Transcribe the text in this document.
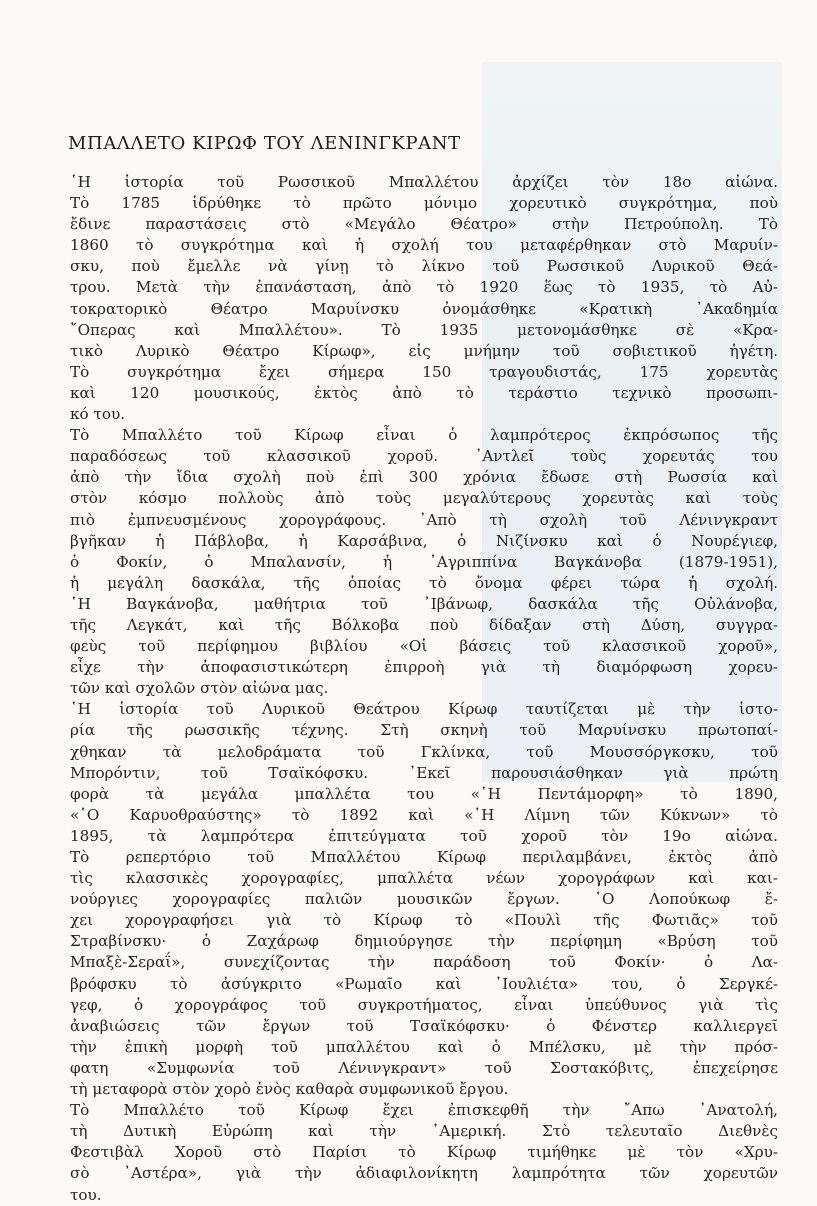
ΜΠΑΛΛΕΤΟ ΚΙΡΩΦ ΤΟΥ ΛΕΝΙΝΓΚΡΑΝΤ
῾Η ἱστορία τοῦ Ρωσσικοῦ Μπαλλέτου ἀρχίζει τὸν 18ο αἰώνα.
Τὸ 1785 ἱδρύθηκε τὸ πρῶτο μόνιμο χορευτικὸ συγκρότημα, ποὺ
ἔδινε παραστάσεις στὸ «Μεγάλο Θέατρο» στὴν Πετρούπολη. Τὸ
1860 τὸ συγκρότημα καὶ ἡ σχολή του μεταφέρθηκαν στὸ Μαρυίν-
σκυ, ποὺ ἔμελλε νὰ γίνῃ τὸ λίκνο τοῦ Ρωσσικοῦ Λυρικοῦ Θεά-
τρου. Μετὰ τὴν ἐπανάσταση, ἀπὸ τὸ 1920 ἕως τὸ 1935, τὸ Αὐ-
τοκρατορικὸ Θέατρο Μαρυίνσκυ ὀνομάσθηκε «Κρατικὴ ᾿Ακαδημία
῎Οπερας καὶ Μπαλλέτου». Τὸ 1935 μετονομάσθηκε σὲ «Κρα-
τικὸ Λυρικὸ Θέατρο Κίρωφ», εἰς μνήμην τοῦ σοβιετικοῦ ἡγέτη.
Τὸ συγκρότημα ἔχει σήμερα 150 τραγουδιστάς, 175 χορευτὰς
καὶ 120 μουσικούς, ἐκτὸς ἀπὸ τὸ τεράστιο τεχνικὸ προσωπι-
κό του.
Τὸ Μπαλλέτο τοῦ Κίρωφ εἶναι ὁ λαμπρότερος ἐκπρόσωπος τῆς
παραδόσεως τοῦ κλασσικοῦ χοροῦ. ᾿Αντλεῖ τοὺς χορευτάς του
ἀπὸ τὴν ἴδια σχολὴ ποὺ ἐπὶ 300 χρόνια ἔδωσε στὴ Ρωσσία καὶ
στὸν κόσμο πολλοὺς ἀπὸ τοὺς μεγαλύτερους χορευτὰς καὶ τοὺς
πιὸ ἐμπνευσμένους χορογράφους. ᾿Απὸ τὴ σχολὴ τοῦ Λένινγκραντ
βγῆκαν ἡ Πάβλοβα, ἡ Καρσάβινα, ὁ Νιζίνσκυ καὶ ὁ Νουρέγιεφ,
ὁ Φοκίν, ὁ Μπαλανσίν, ἡ ᾿Αγριππίνα Βαγκάνοβα (1879-1951),
ἡ μεγάλη δασκάλα, τῆς ὁποίας τὸ ὄνομα φέρει τώρα ἡ σχολή.
῾Η Βαγκάνοβα, μαθήτρια τοῦ ᾿Ιβάνωφ, δασκάλα τῆς Οὐλάνοβα,
τῆς Λεγκάτ, καὶ τῆς Βόλκοβα ποὺ δίδαξαν στὴ Δύση, συγγρα-
φεὺς τοῦ περίφημου βιβλίου «Οἱ βάσεις τοῦ κλασσικοῦ χοροῦ»,
εἶχε τὴν ἀποφασιστικώτερη ἐπιρροὴ γιὰ τὴ διαμόρφωση χορευ-
τῶν καὶ σχολῶν στὸν αἰώνα μας.
῾Η ἱστορία τοῦ Λυρικοῦ Θεάτρου Κίρωφ ταυτίζεται μὲ τὴν ἱστο-
ρία τῆς ρωσσικῆς τέχνης. Στὴ σκηνὴ τοῦ Μαρυίνσκυ πρωτοπαί-
χθηκαν τὰ μελοδράματα τοῦ Γκλίνκα, τοῦ Μουσσόργκσκυ, τοῦ
Μπορόντιν, τοῦ Τσαϊκόφσκυ. ᾿Εκεῖ παρουσιάσθηκαν γιὰ πρώτη
φορὰ τὰ μεγάλα μπαλλέτα του «῾Η Πεντάμορφη» τὸ 1890,
«῾Ο Καρυοθραύστης» τὸ 1892 καὶ «῾Η Λίμνη τῶν Κύκνων» τὸ
1895, τὰ λαμπρότερα ἐπιτεύγματα τοῦ χοροῦ τὸν 19ο αἰώνα.
Τὸ ρεπερτόριο τοῦ Μπαλλέτου Κίρωφ περιλαμβάνει, ἐκτὸς ἀπὸ
τὶς κλασσικὲς χορογραφίες, μπαλλέτα νέων χορογράφων καὶ και-
νούργιες χορογραφίες παλιῶν μουσικῶν ἔργων. ῾Ο Λοπούκωφ ἔ-
χει χορογραφήσει γιὰ τὸ Κίρωφ τὸ «Πουλὶ τῆς Φωτιᾶς» τοῦ
Στραβίνσκυ· ὁ Ζαχάρωφ δημιούργησε τὴν περίφημη «Βρύση τοῦ
Μπαξὲ-Σεραΐ», συνεχίζοντας τὴν παράδοση τοῦ Φοκίν· ὁ Λα-
βρόφσκυ τὸ ἀσύγκριτο «Ρωμαῖο καὶ ᾿Ιουλιέτα» του, ὁ Σεργκέ-
γεφ, ὁ χορογράφος τοῦ συγκροτήματος, εἶναι ὑπεύθυνος γιὰ τὶς
ἀναβιώσεις τῶν ἔργων τοῦ Τσαϊκόφσκυ· ὁ Φένστερ καλλιεργεῖ
τὴν ἐπικὴ μορφὴ τοῦ μπαλλέτου καὶ ὁ Μπέλσκυ, μὲ τὴν πρόσ-
φατη «Συμφωνία τοῦ Λένινγκραντ» τοῦ Σοστακόβιτς, ἐπεχείρησε
τὴ μεταφορὰ στὸν χορὸ ἑνὸς καθαρὰ συμφωνικοῦ ἔργου.
Τὸ Μπαλλέτο τοῦ Κίρωφ ἔχει ἐπισκεφθῆ τὴν ῎Απω ᾿Ανατολή,
τὴ Δυτικὴ Εὐρώπη καὶ τὴν ᾿Αμερική. Στὸ τελευταῖο Διεθνὲς
Φεστιβὰλ Χοροῦ στὸ Παρίσι τὸ Κίρωφ τιμήθηκε μὲ τὸν «Χρυ-
σὸ ᾿Αστέρα», γιὰ τὴν ἀδιαφιλονίκητη λαμπρότητα τῶν χορευτῶν
του.
